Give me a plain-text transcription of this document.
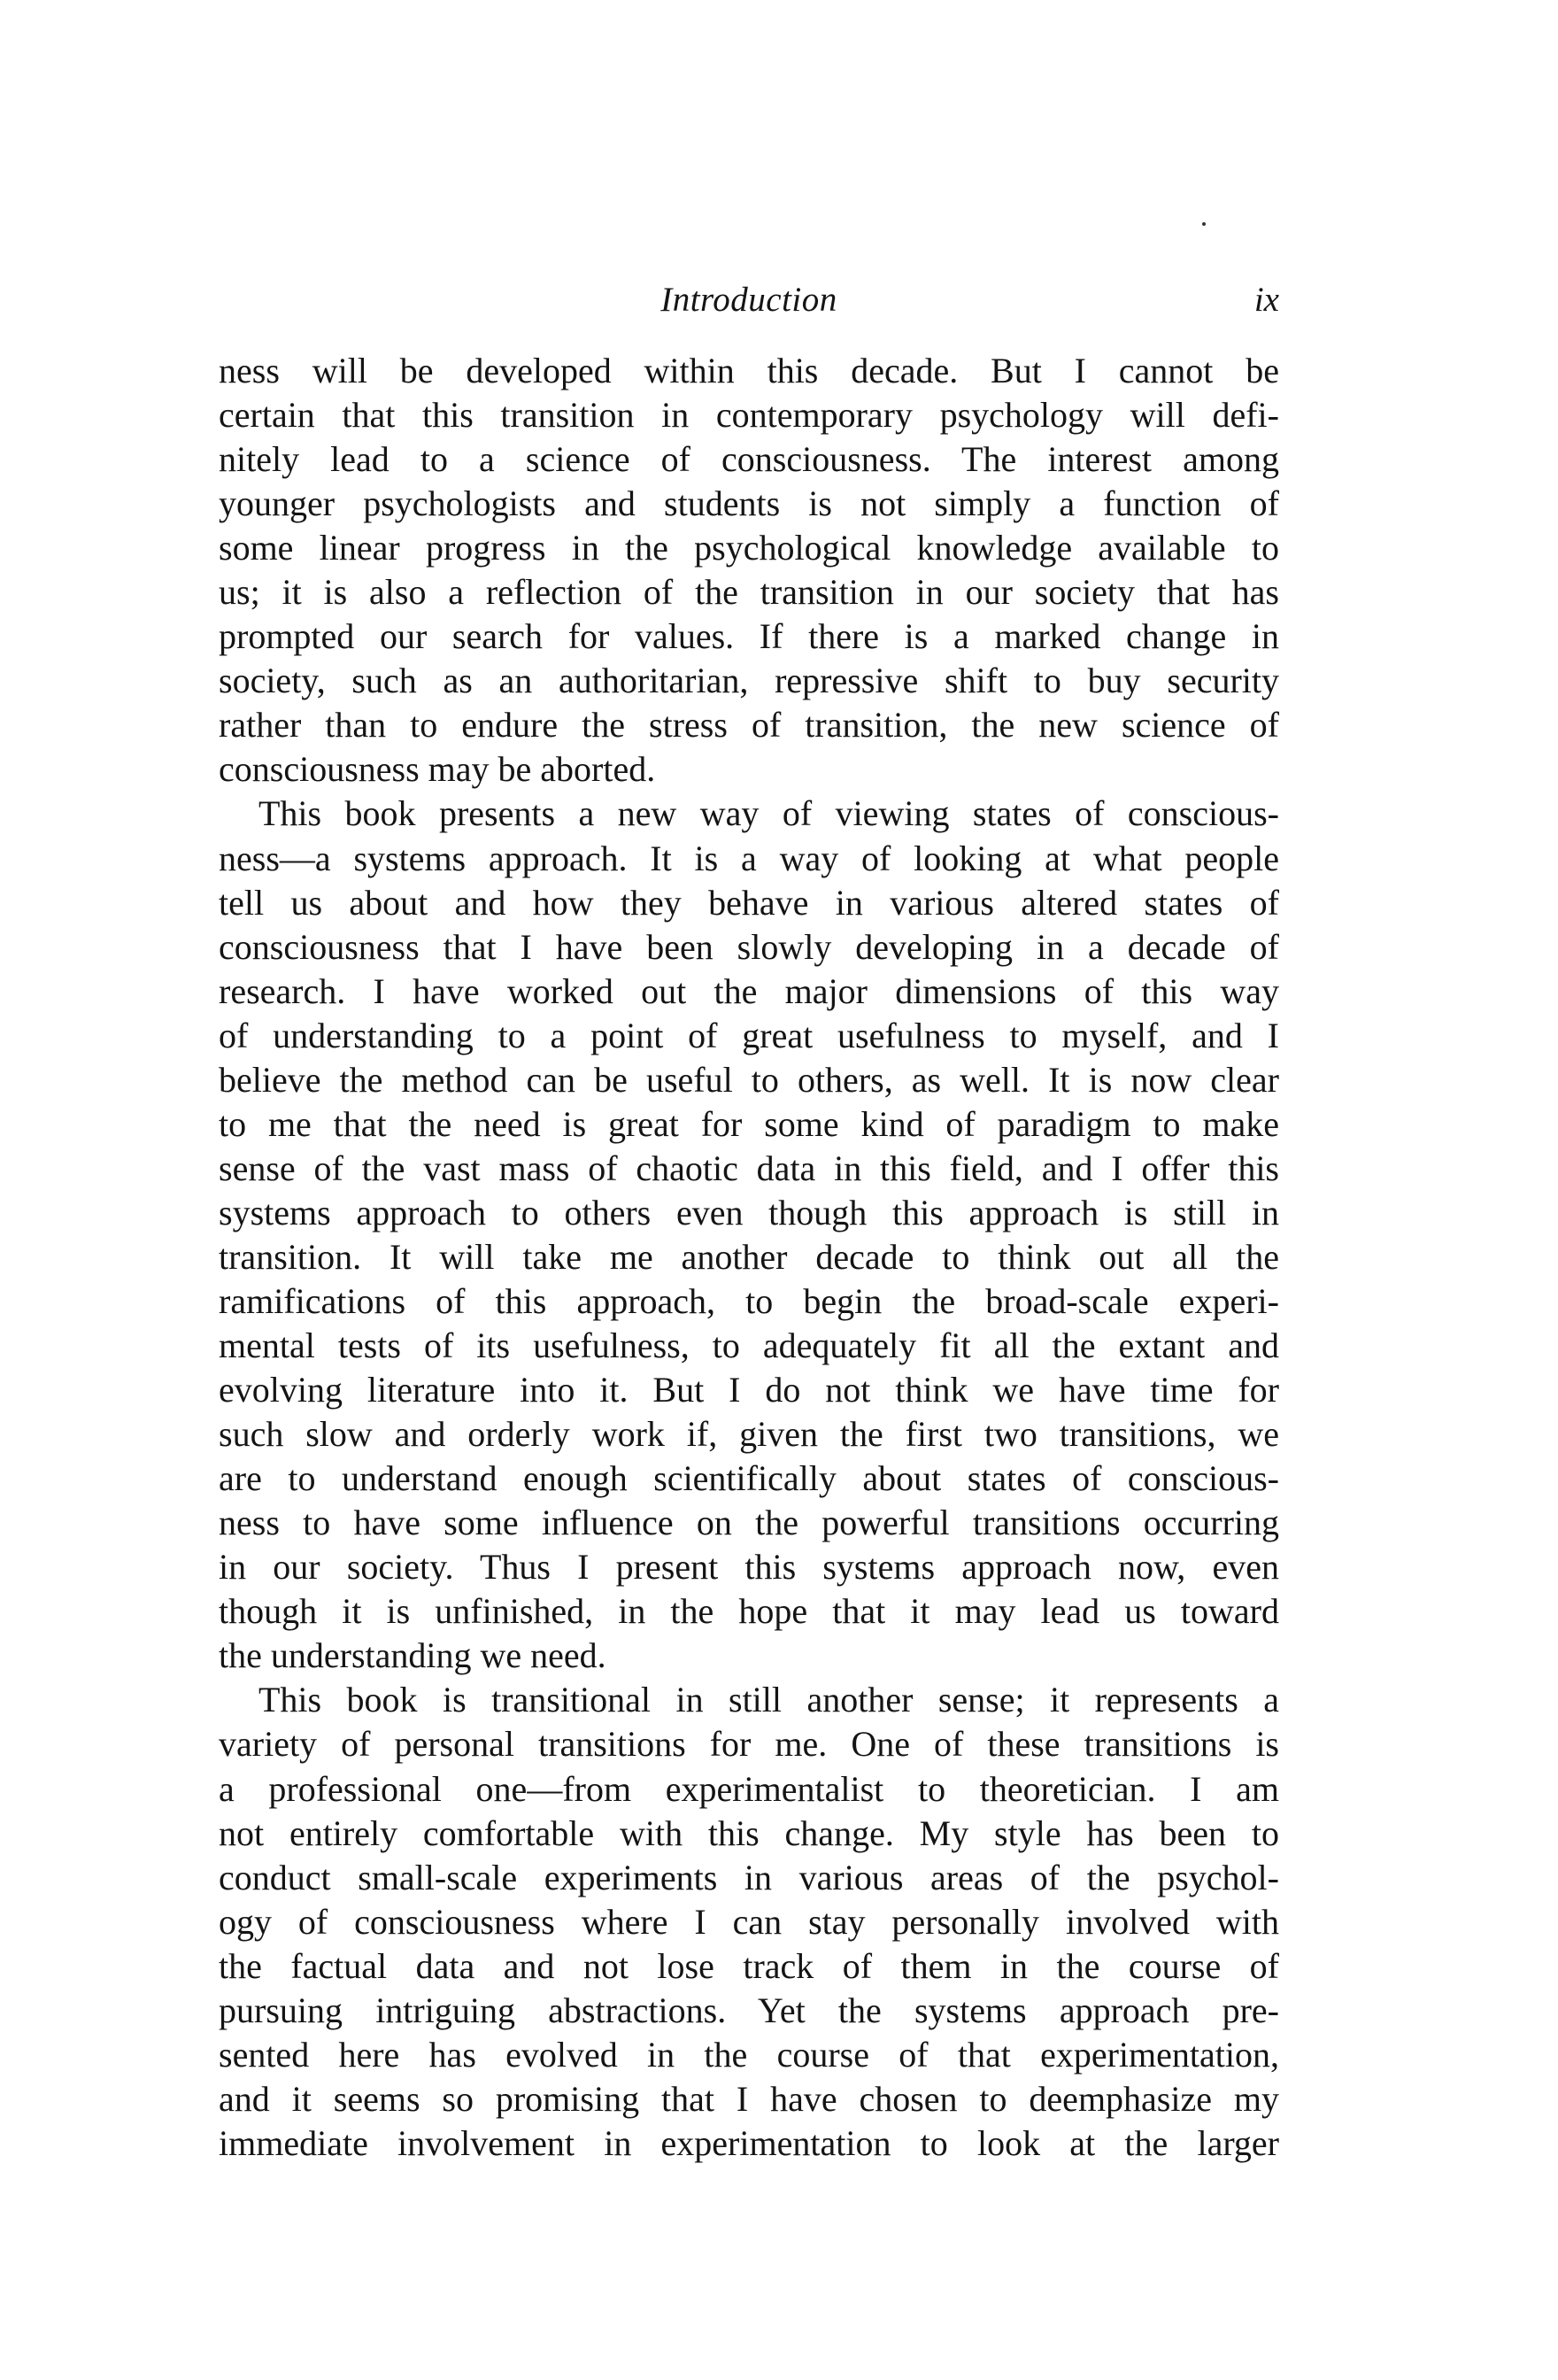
Introduction	ix
ness will be developed within this decade. But I cannot be
certain that this transition in contemporary psychology will defi-
nitely lead to a science of consciousness. The interest among
younger psychologists and students is not simply a function of
some linear progress in the psychological knowledge available to
us; it is also a reflection of the transition in our society that has
prompted our search for values. If there is a marked change in
society, such as an authoritarian, repressive shift to buy security
rather than to endure the stress of transition, the new science of
consciousness may be aborted.
This book presents a new way of viewing states of conscious-
ness—a systems approach. It is a way of looking at what people
tell us about and how they behave in various altered states of
consciousness that I have been slowly developing in a decade of
research. I have worked out the major dimensions of this way
of understanding to a point of great usefulness to myself, and I
believe the method can be useful to others, as well. It is now clear
to me that the need is great for some kind of paradigm to make
sense of the vast mass of chaotic data in this field, and I offer this
systems approach to others even though this approach is still in
transition. It will take me another decade to think out all the
ramifications of this approach, to begin the broad-scale experi-
mental tests of its usefulness, to adequately fit all the extant and
evolving literature into it. But I do not think we have time for
such slow and orderly work if, given the first two transitions, we
are to understand enough scientifically about states of conscious-
ness to have some influence on the powerful transitions occurring
in our society. Thus I present this systems approach now, even
though it is unfinished, in the hope that it may lead us toward
the understanding we need.
This book is transitional in still another sense; it represents a
variety of personal transitions for me. One of these transitions is
a professional one—from experimentalist to theoretician. I am
not entirely comfortable with this change. My style has been to
conduct small-scale experiments in various areas of the psychol-
ogy of consciousness where I can stay personally involved with
the factual data and not lose track of them in the course of
pursuing intriguing abstractions. Yet the systems approach pre-
sented here has evolved in the course of that experimentation,
and it seems so promising that I have chosen to deemphasize my
immediate involvement in experimentation to look at the larger
